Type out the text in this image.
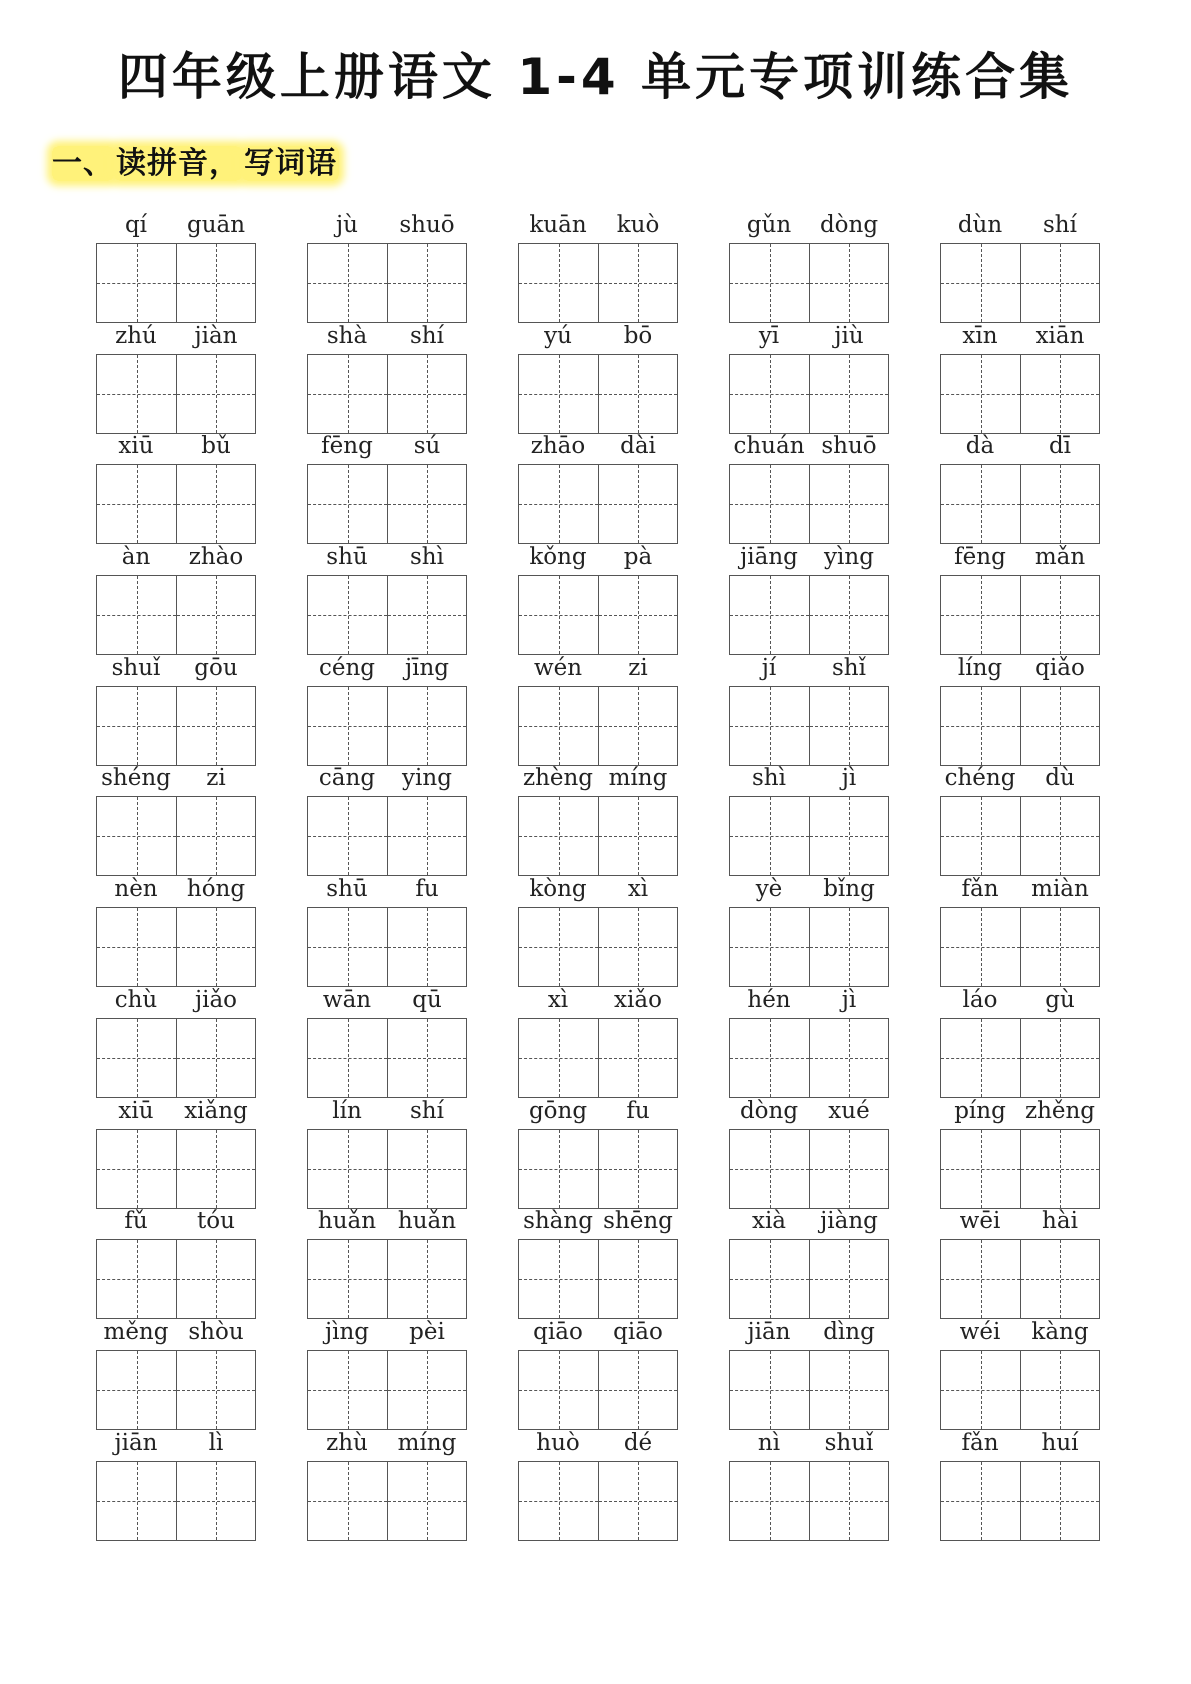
四年级上册语文 1-4 单元专项训练合集
一、读拼音， 写词语
qí	guān	jù	shuō	kuān	kuò	gǔn	dòng	dùn	shí
zhú	jiàn	shà	shí	yú	bō	yī	jiù	xīn	xiān
xiū	bǔ	fēng	sú	zhāo	dài	chuán shuō	dà	dī
àn	zhào	shū	shì	kǒng	pà	jiāng	yìng	fēng	mǎn
shuǐ	gōu	céng	jīng	wén	zi	jí	shǐ	líng	qiǎo
shéng	zi	cāng	ying	zhèng míng	shì	jì	chéng	dù
nèn	hóng	shū	fu	kòng	xì	yè	bǐng	fǎn	miàn
chù	jiǎo	wān	qū	xì	xiǎo	hén	jì	láo	gù
xiū	xiǎng	lín	shí	gōng	fu	dòng	xué	píng zhěng
fǔ	tóu	huǎn huǎn	shàng shēng	xià	jiàng	wēi	hài
měng shòu	jìng	pèi	qiāo	qiāo	jiān	dìng	wéi	kàng
jiān	lì	zhù	míng	huò	dé	nì	shuǐ	fǎn	huí
